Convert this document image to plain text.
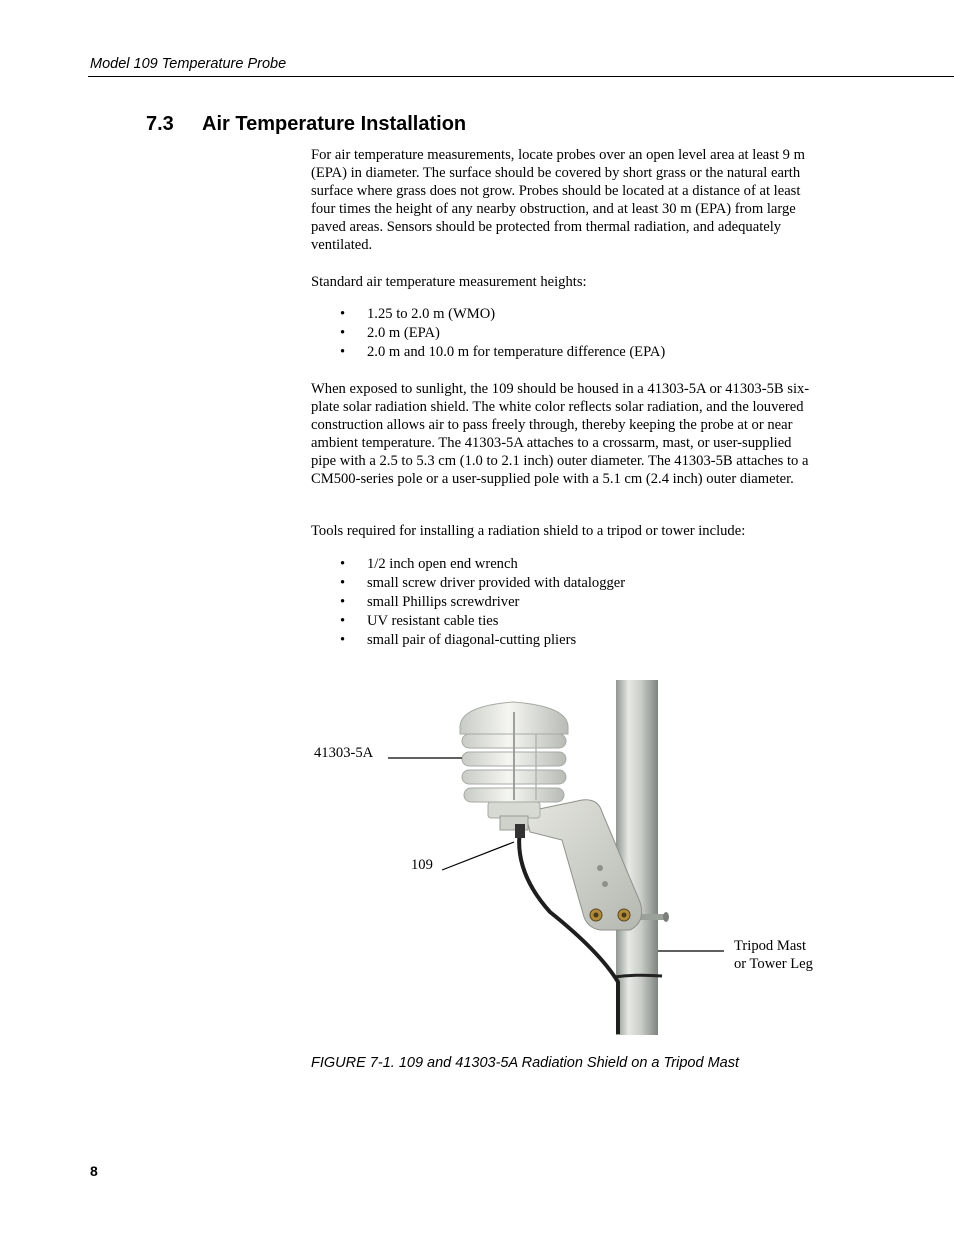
Model 109 Temperature Probe
7.3 Air Temperature Installation

For air temperature measurements, locate probes over an open level area at least 9 m (EPA) in diameter. The surface should be covered by short grass or the natural earth surface where grass does not grow. Probes should be located at a distance of at least four times the height of any nearby obstruction, and at least 30 m (EPA) from large paved areas. Sensors should be protected from thermal radiation, and adequately ventilated.

Standard air temperature measurement heights:

• 1.25 to 2.0 m (WMO)
• 2.0 m (EPA)
• 2.0 m and 10.0 m for temperature difference (EPA)

When exposed to sunlight, the 109 should be housed in a 41303-5A or 41303-5B six-plate solar radiation shield. The white color reflects solar radiation, and the louvered construction allows air to pass freely through, thereby keeping the probe at or near ambient temperature. The 41303-5A attaches to a crossarm, mast, or user-supplied pipe with a 2.5 to 5.3 cm (1.0 to 2.1 inch) outer diameter. The 41303-5B attaches to a CM500-series pole or a user-supplied pole with a 5.1 cm (2.4 inch) outer diameter.

Tools required for installing a radiation shield to a tripod or tower include:

• 1/2 inch open end wrench
• small screw driver provided with datalogger
• small Phillips screwdriver
• UV resistant cable ties
• small pair of diagonal-cutting pliers
41303-5A
109
Tripod Mast
or Tower Leg
FIGURE 7-1. 109 and 41303-5A Radiation Shield on a Tripod Mast
8
